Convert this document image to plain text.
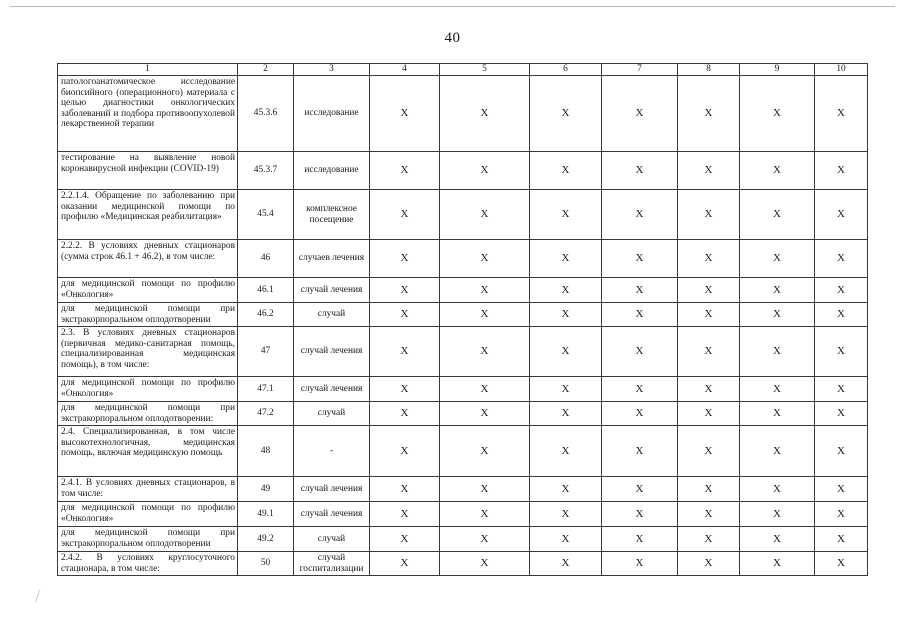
40
1	2	3	4	5	6	7	8	9	10
патологоанатомическое исследование биопсийного (операционного) материала с целью диагностики онкологических заболеваний и подбора противоопухолевой лекарственной терапии	45.3.6	исследование	X	X	X	X	X	X	X
тестирование на выявление новой коронавирусной инфекции (COVID-19)	45.3.7	исследование	X	X	X	X	X	X	X
2.2.1.4. Обращение по заболеванию при оказании медицинской помощи по профилю «Медицинская реабилитация»	45.4	комплексное посещение	X	X	X	X	X	X	X
2.2.2. В условиях дневных стационаров (сумма строк 46.1 + 46.2), в том числе:	46	случаев лечения	X	X	X	X	X	X	X
для медицинской помощи по профилю «Онкология»	46.1	случай лечения	X	X	X	X	X	X	X
для медицинской помощи при экстракорпоральном оплодотворении	46.2	случай	X	X	X	X	X	X	X
2.3. В условиях дневных стационаров (первичная медико-санитарная помощь, специализированная медицинская помощь), в том числе:	47	случай лечения	X	X	X	X	X	X	X
для медицинской помощи по профилю «Онкология»	47.1	случай лечения	X	X	X	X	X	X	X
для медицинской помощи при экстракорпоральном оплодотворении:	47.2	случай	X	X	X	X	X	X	X
2.4. Специализированная, в том числе высокотехнологичная, медицинская помощь, включая медицинскую помощь	48	-	X	X	X	X	X	X	X
2.4.1. В условиях дневных стационаров, в том числе:	49	случай лечения	X	X	X	X	X	X	X
для медицинской помощи по профилю «Онкология»	49.1	случай лечения	X	X	X	X	X	X	X
для медицинской помощи при экстракорпоральном оплодотворении	49.2	случай	X	X	X	X	X	X	X
2.4.2. В условиях круглосуточного стационара, в том числе:	50	случай госпитализации	X	X	X	X	X	X	X
